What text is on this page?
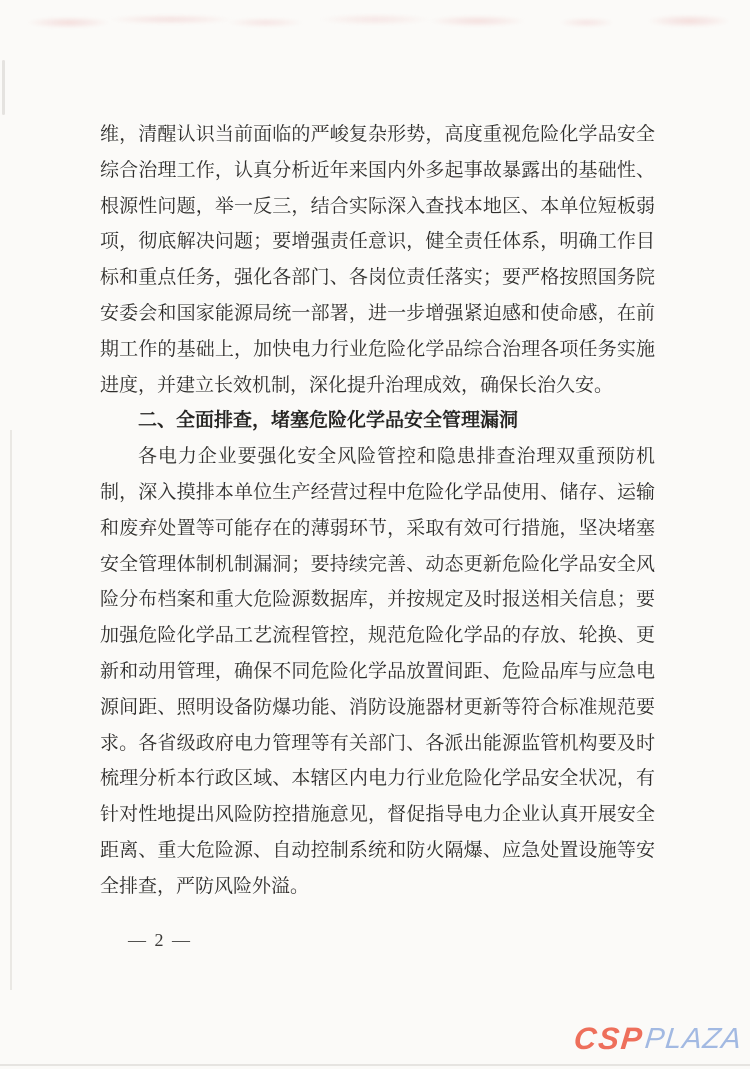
维，清醒认识当前面临的严峻复杂形势，高度重视危险化学品安全
综合治理工作，认真分析近年来国内外多起事故暴露出的基础性、
根源性问题，举一反三，结合实际深入查找本地区、本单位短板弱
项，彻底解决问题；要增强责任意识，健全责任体系，明确工作目
标和重点任务，强化各部门、各岗位责任落实；要严格按照国务院
安委会和国家能源局统一部署，进一步增强紧迫感和使命感，在前
期工作的基础上，加快电力行业危险化学品综合治理各项任务实施
进度，并建立长效机制，深化提升治理成效，确保长治久安。
二、全面排查，堵塞危险化学品安全管理漏洞
各电力企业要强化安全风险管控和隐患排查治理双重预防机
制，深入摸排本单位生产经营过程中危险化学品使用、储存、运输
和废弃处置等可能存在的薄弱环节，采取有效可行措施，坚决堵塞
安全管理体制机制漏洞；要持续完善、动态更新危险化学品安全风
险分布档案和重大危险源数据库，并按规定及时报送相关信息；要
加强危险化学品工艺流程管控，规范危险化学品的存放、轮换、更
新和动用管理，确保不同危险化学品放置间距、危险品库与应急电
源间距、照明设备防爆功能、消防设施器材更新等符合标准规范要
求。各省级政府电力管理等有关部门、各派出能源监管机构要及时
梳理分析本行政区域、本辖区内电力行业危险化学品安全状况，有
针对性地提出风险防控措施意见，督促指导电力企业认真开展安全
距离、重大危险源、自动控制系统和防火隔爆、应急处置设施等安
全排查，严防风险外溢。
— 2 —
CSP
PLAZA
